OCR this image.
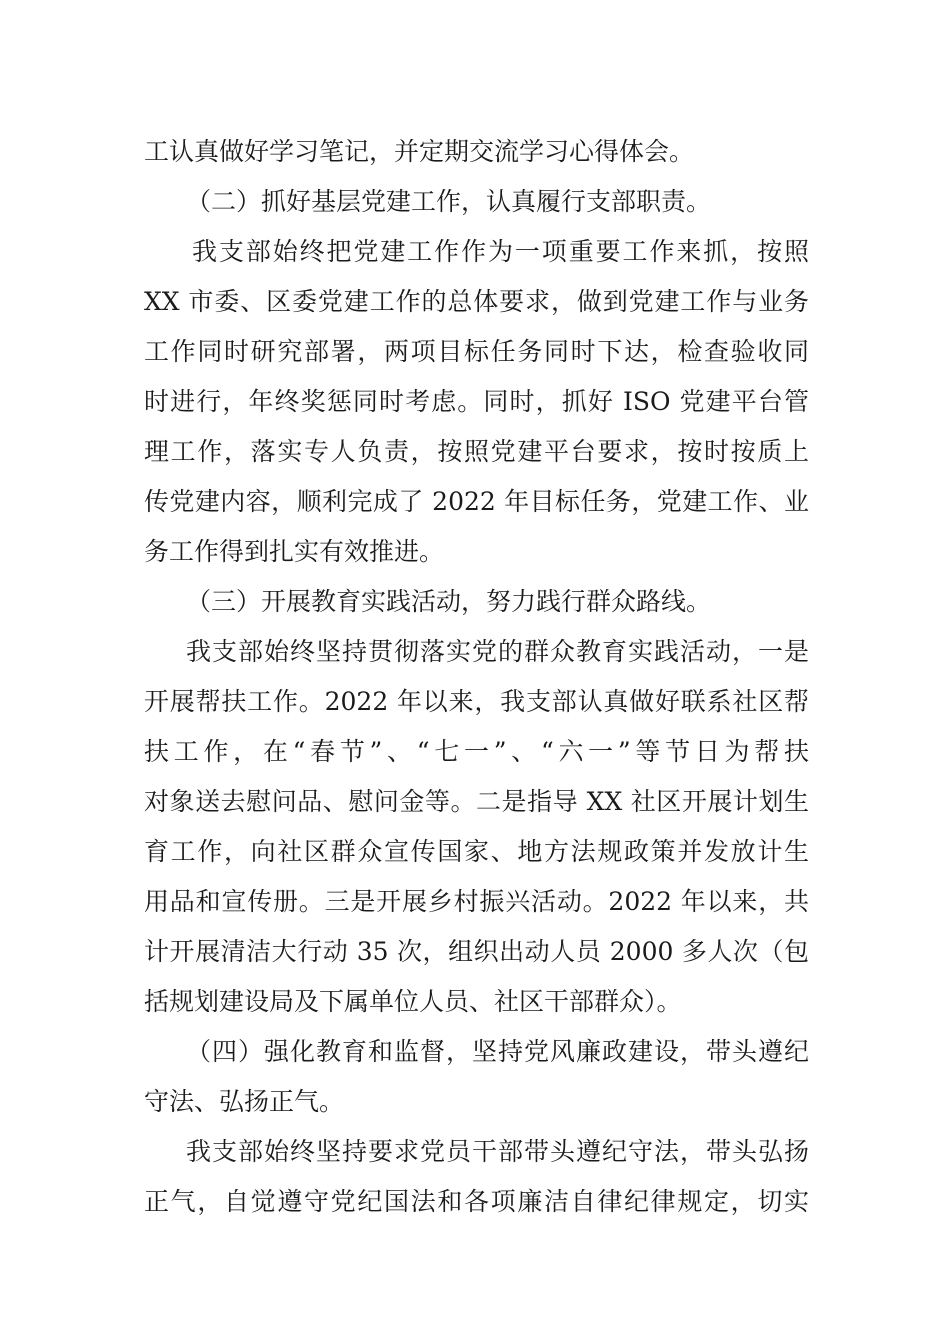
工认真做好学习笔记，并定期交流学习心得体会。
（二）抓好基层党建工作，认真履行支部职责。
我支部始终把党建工作作为一项重要工作来抓，按照
XX 市委、区委党建工作的总体要求，做到党建工作与业务
工作同时研究部署，两项目标任务同时下达，检查验收同
时进行，年终奖惩同时考虑。同时，抓好 ISO 党建平台管
理工作，落实专人负责，按照党建平台要求，按时按质上
传党建内容，顺利完成了 2022 年目标任务，党建工作、业
务工作得到扎实有效推进。
（三）开展教育实践活动，努力践行群众路线。
我支部始终坚持贯彻落实党的群众教育实践活动，一是
开展帮扶工作。2022 年以来，我支部认真做好联系社区帮
扶工作，在“春节”、“七一”、“六一”等节日为帮扶
对象送去慰问品、慰问金等。二是指导 XX 社区开展计划生
育工作，向社区群众宣传国家、地方法规政策并发放计生
用品和宣传册。三是开展乡村振兴活动。2022 年以来，共
计开展清洁大行动 35 次，组织出动人员 2000 多人次（包
括规划建设局及下属单位人员、社区干部群众）。
（四）强化教育和监督，坚持党风廉政建设，带头遵纪
守法、弘扬正气。
我支部始终坚持要求党员干部带头遵纪守法，带头弘扬
正气，自觉遵守党纪国法和各项廉洁自律纪律规定，切实
